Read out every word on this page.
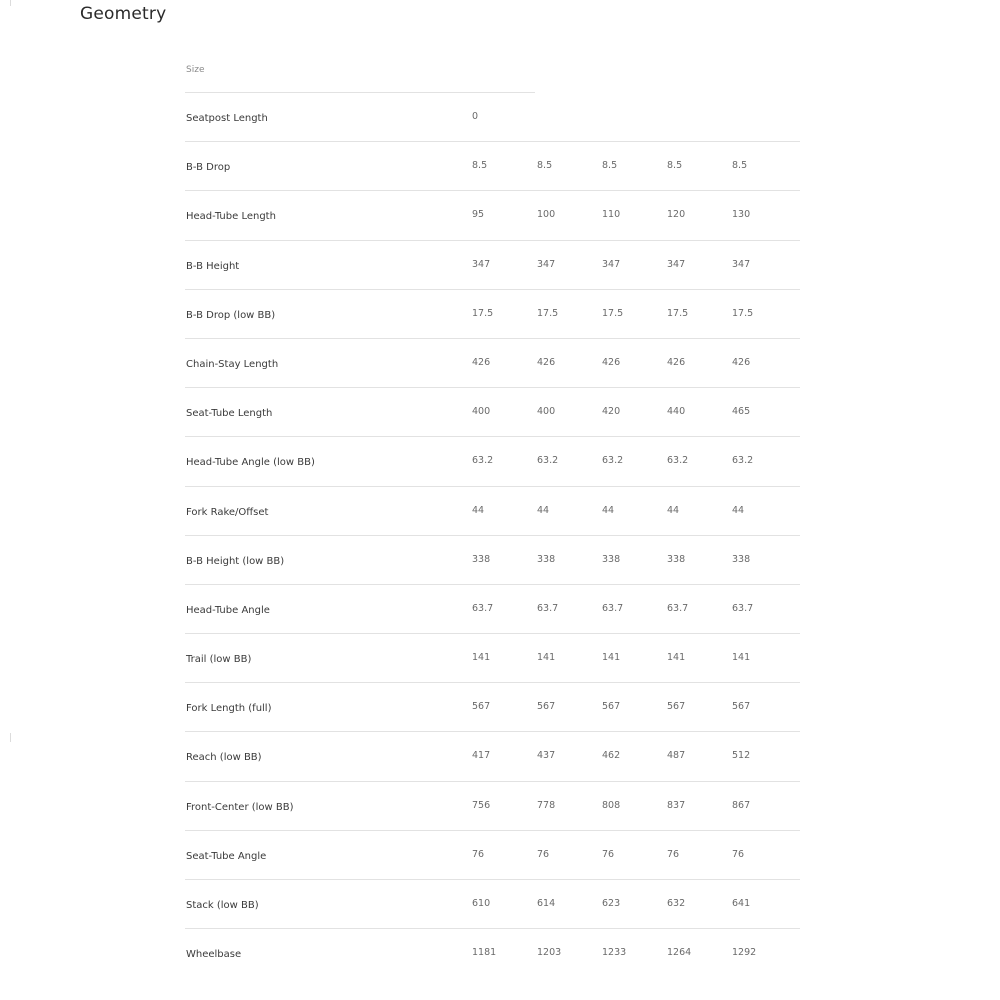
Geometry
Size
Seatpost Length	0
B-B Drop	8.5	8.5	8.5	8.5	8.5
Head-Tube Length	95	100	110	120	130
B-B Height	347	347	347	347	347
B-B Drop (low BB)	17.5	17.5	17.5	17.5	17.5
Chain-Stay Length	426	426	426	426	426
Seat-Tube Length	400	400	420	440	465
Head-Tube Angle (low BB)	63.2	63.2	63.2	63.2	63.2
Fork Rake/Offset	44	44	44	44	44
B-B Height (low BB)	338	338	338	338	338
Head-Tube Angle	63.7	63.7	63.7	63.7	63.7
Trail (low BB)	141	141	141	141	141
Fork Length (full)	567	567	567	567	567
Reach (low BB)	417	437	462	487	512
Front-Center (low BB)	756	778	808	837	867
Seat-Tube Angle	76	76	76	76	76
Stack (low BB)	610	614	623	632	641
Wheelbase	1181	1203	1233	1264	1292
